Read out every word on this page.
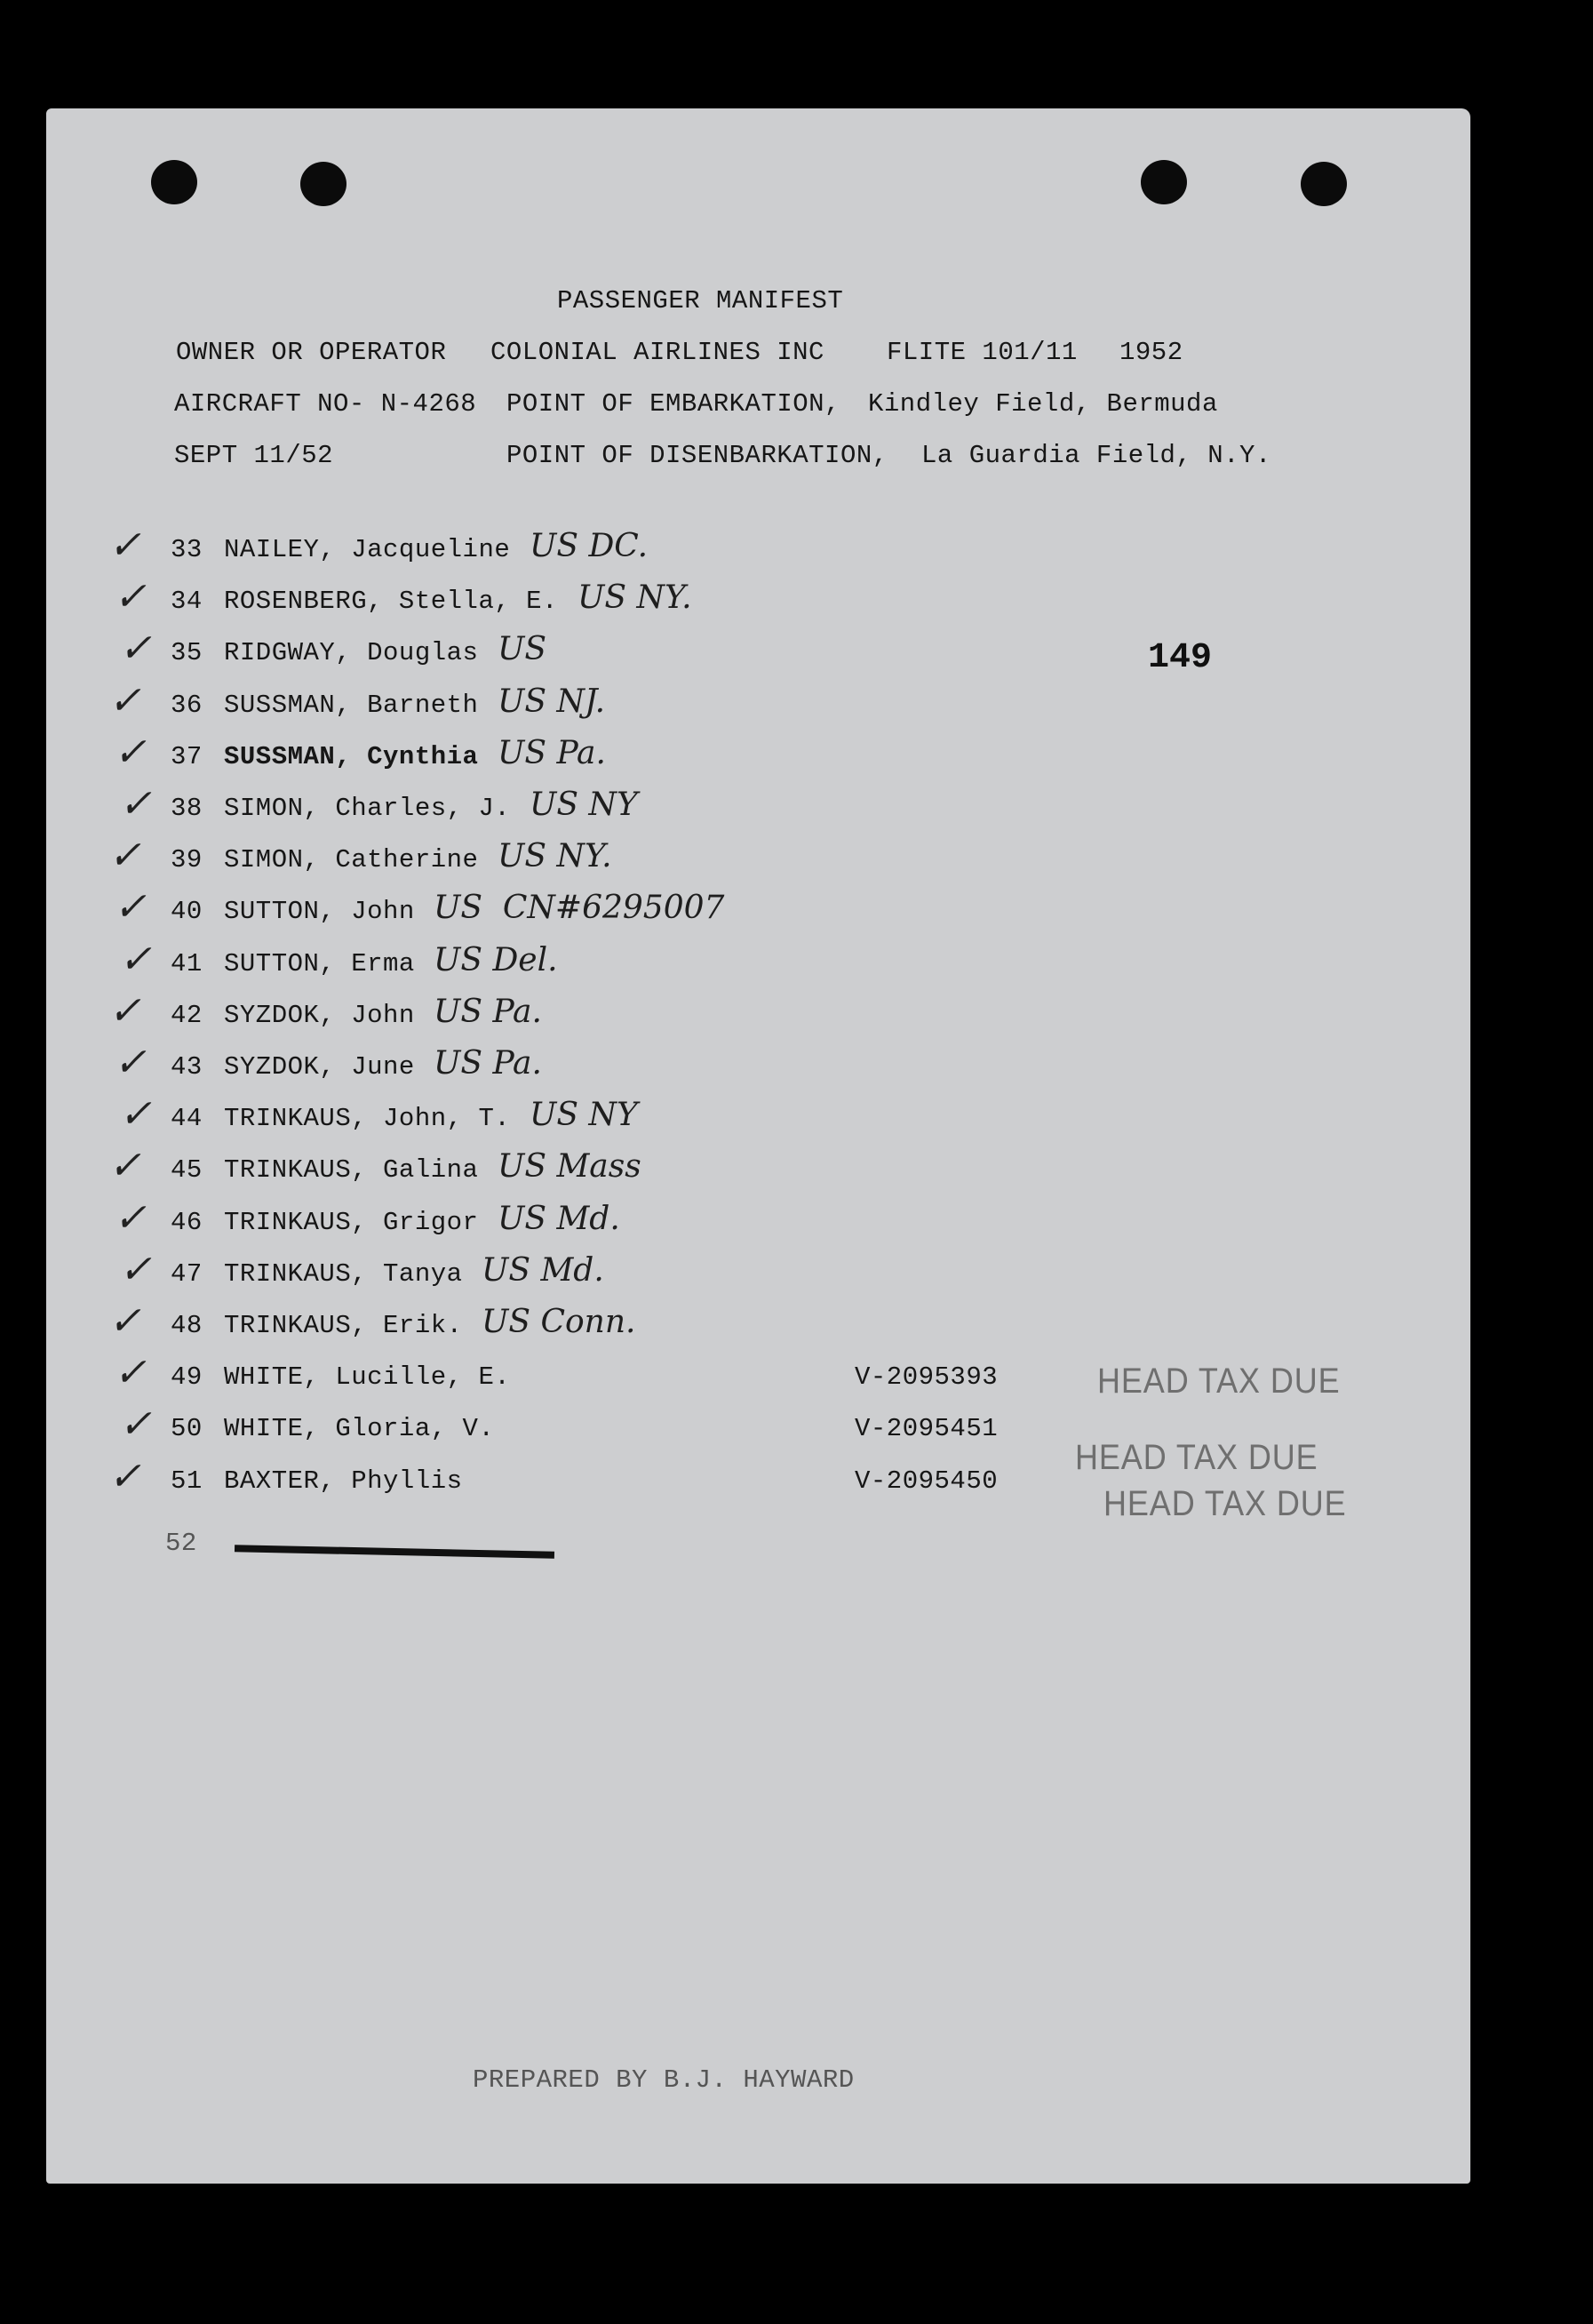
PASSENGER MANIFEST
OWNER OR OPERATOR COLONIAL AIRLINES INC FLITE 101/11 1952
AIRCRAFT NO- N-4268 POINT OF EMBARKATION, Kindley Field, Bermuda
SEPT 11/52	POINT OF DISENBARKATION, La Guardia Field, N.Y.
149
✓ 33 NAILEY, Jacqueline US DC.
✓ 34 ROSENBERG, Stella, E. US NY.
✓ 35 RIDGWAY, Douglas US
✓ 36 SUSSMAN, Barneth US NJ.
✓ 37 SUSSMAN, Cynthia US Pa.
✓ 38 SIMON, Charles, J. US NY
✓ 39 SIMON, Catherine US NY.
✓ 40 SUTTON, John US  CN#6295007
✓ 41 SUTTON, Erma US Del.
✓ 42 SYZDOK, John US Pa.
✓ 43 SYZDOK, June US Pa.
✓ 44 TRINKAUS, John, T. US NY
✓ 45 TRINKAUS, Galina US Mass
✓ 46 TRINKAUS, Grigor US Md.
✓ 47 TRINKAUS, Tanya US Md.
✓ 48 TRINKAUS, Erik. US Conn.
✓ 49 WHITE, Lucille, E.	V-2095393
✓ 50 WHITE, Gloria, V.	V-2095451
✓ 51 BAXTER, Phyllis	V-2095450
52
HEAD TAX DUE
HEAD TAX DUE
HEAD TAX DUE
PREPARED BY B.J. HAYWARD
